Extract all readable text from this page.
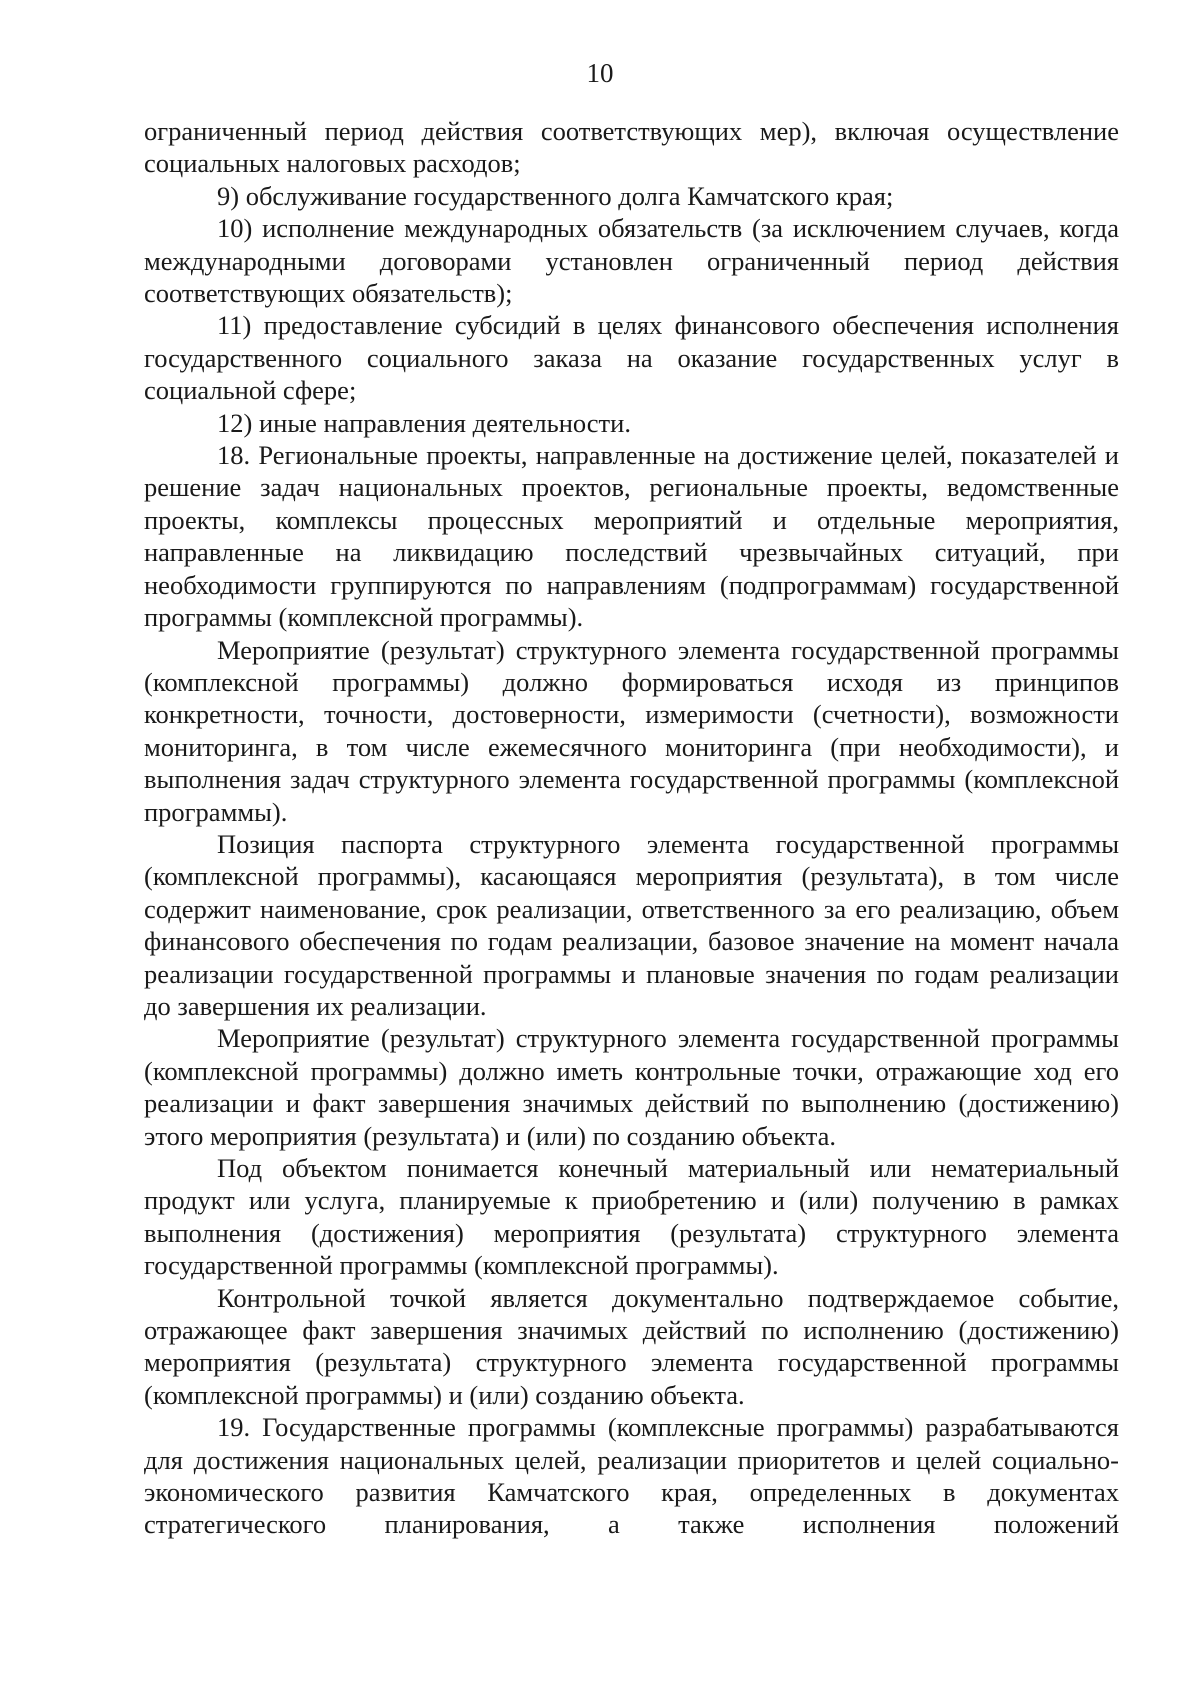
10

ограниченный период действия соответствующих мер), включая осуществление социальных налоговых расходов;

9) обслуживание государственного долга Камчатского края;

10) исполнение международных обязательств (за исключением случаев, когда международными договорами установлен ограниченный период действия соответствующих обязательств);

11) предоставление субсидий в целях финансового обеспечения исполнения государственного социального заказа на оказание государственных услуг в социальной сфере;

12) иные направления деятельности.

18. Региональные проекты, направленные на достижение целей, показателей и решение задач национальных проектов, региональные проекты, ведомственные проекты, комплексы процессных мероприятий и отдельные мероприятия, направленные на ликвидацию последствий чрезвычайных ситуаций, при необходимости группируются по направлениям (подпрограммам) государственной программы (комплексной программы).

Мероприятие (результат) структурного элемента государственной программы (комплексной программы) должно формироваться исходя из принципов конкретности, точности, достоверности, измеримости (счетности), возможности мониторинга, в том числе ежемесячного мониторинга (при необходимости), и выполнения задач структурного элемента государственной программы (комплексной программы).

Позиция паспорта структурного элемента государственной программы (комплексной программы), касающаяся мероприятия (результата), в том числе содержит наименование, срок реализации, ответственного за его реализацию, объем финансового обеспечения по годам реализации, базовое значение на момент начала реализации государственной программы и плановые значения по годам реализации до завершения их реализации.

Мероприятие (результат) структурного элемента государственной программы (комплексной программы) должно иметь контрольные точки, отражающие ход его реализации и факт завершения значимых действий по выполнению (достижению) этого мероприятия (результата) и (или) по созданию объекта.

Под объектом понимается конечный материальный или нематериальный продукт или услуга, планируемые к приобретению и (или) получению в рамках выполнения (достижения) мероприятия (результата) структурного элемента государственной программы (комплексной программы).

Контрольной точкой является документально подтверждаемое событие, отражающее факт завершения значимых действий по исполнению (достижению) мероприятия (результата) структурного элемента государственной программы (комплексной программы) и (или) созданию объекта.

19. Государственные программы (комплексные программы) разрабатываются для достижения национальных целей, реализации приоритетов и целей социально-экономического развития Камчатского края, определенных в документах стратегического планирования, а также исполнения положений
